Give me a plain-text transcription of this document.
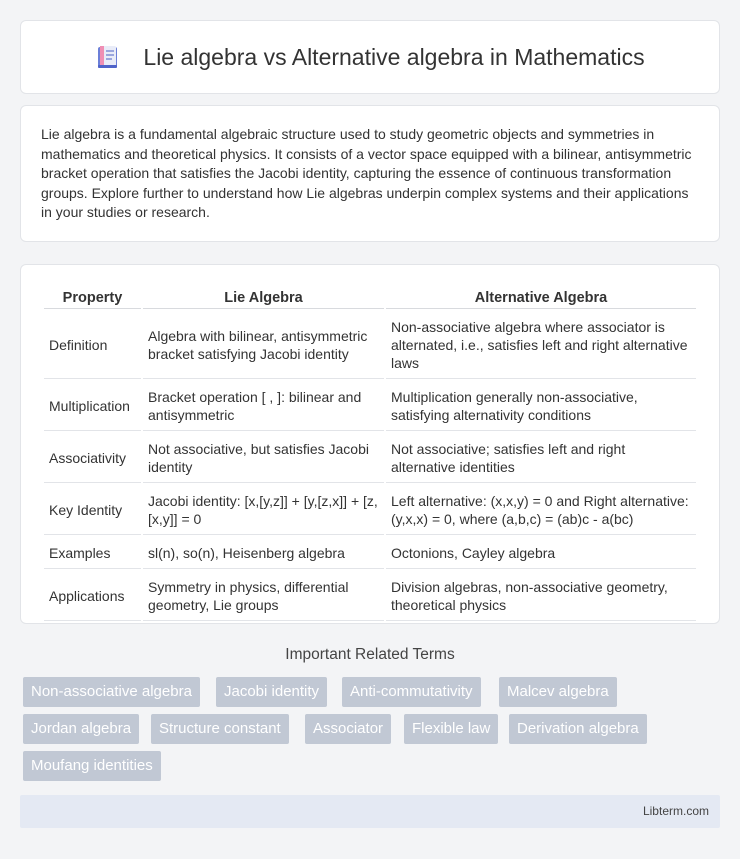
Lie algebra vs Alternative algebra in Mathematics

Lie algebra is a fundamental algebraic structure used to study geometric objects and symmetries in mathematics and theoretical physics. It consists of a vector space equipped with a bilinear, antisymmetric bracket operation that satisfies the Jacobi identity, capturing the essence of continuous transformation groups. Explore further to understand how Lie algebras underpin complex systems and their applications in your studies or research.

Property	Lie Algebra	Alternative Algebra
Definition	Algebra with bilinear, antisymmetric bracket satisfying Jacobi identity	Non-associative algebra where associator is alternated, i.e., satisfies left and right alternative laws
Multiplication	Bracket operation [ , ]: bilinear and antisymmetric	Multiplication generally non-associative, satisfying alternativity conditions
Associativity	Not associative, but satisfies Jacobi identity	Not associative; satisfies left and right alternative identities
Key Identity	Jacobi identity: [x,[y,z]] + [y,[z,x]] + [z,[x,y]] = 0	Left alternative: (x,x,y) = 0 and Right alternative: (y,x,x) = 0, where (a,b,c) = (ab)c - a(bc)
Examples	sl(n), so(n), Heisenberg algebra	Octonions, Cayley algebra
Applications	Symmetry in physics, differential geometry, Lie groups	Division algebras, non-associative geometry, theoretical physics
Important Related Terms
Non-associative algebra	Jacobi identity	Anti-commutativity	Malcev algebra
Jordan algebra	Structure constant	Associator	Flexible law	Derivation algebra
Moufang identities
Libterm.com
